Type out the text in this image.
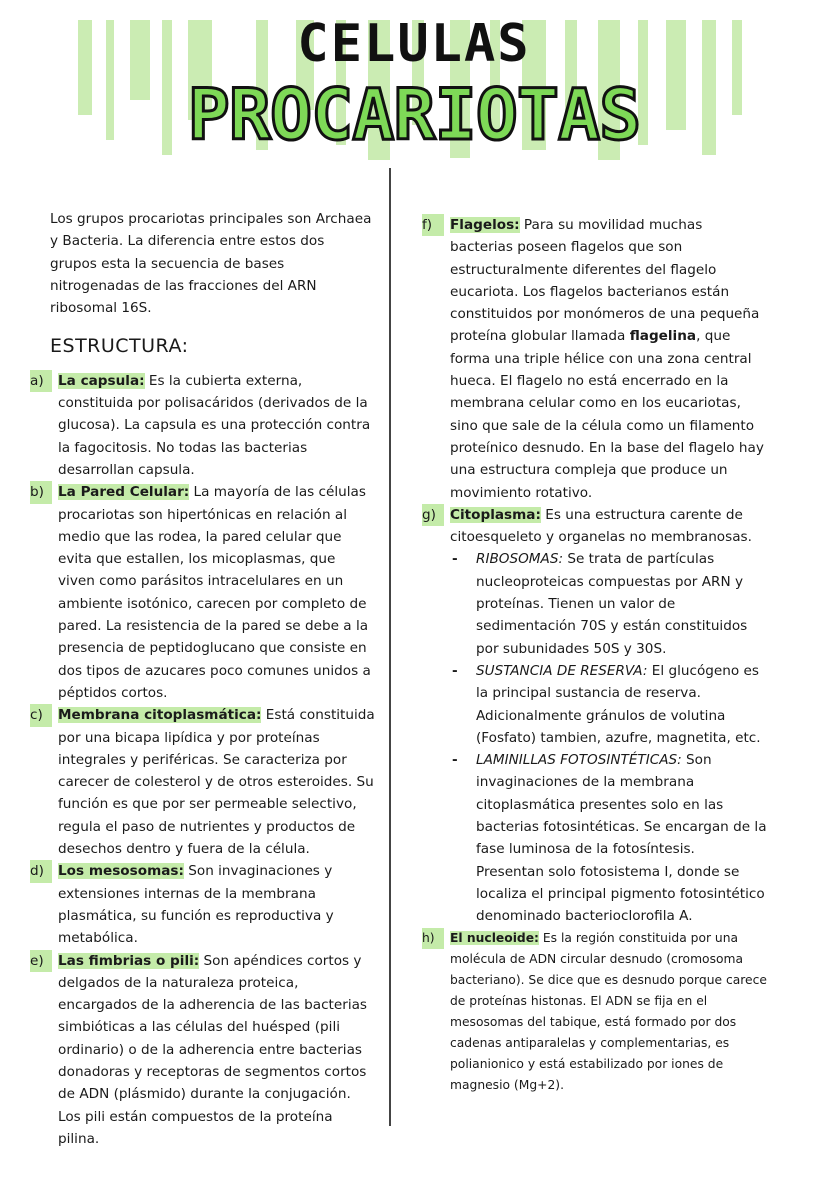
CELULAS
PROCARIOTAS

Los grupos procariotas principales son Archaea y Bacteria. La diferencia entre estos dos grupos esta la secuencia de bases nitrogenadas de las fracciones del ARN ribosomal 16S.

ESTRUCTURA:

a)	La capsula: Es la cubierta externa, constituida por polisacáridos (derivados de la glucosa). La capsula es una protección contra la fagocitosis. No todas las bacterias desarrollan capsula.
b)	La Pared Celular: La mayoría de las células procariotas son hipertónicas en relación al medio que las rodea, la pared celular que evita que estallen, los micoplasmas, que viven como parásitos intracelulares en un ambiente isotónico, carecen por completo de pared. La resistencia de la pared se debe a la presencia de peptidoglucano que consiste en dos tipos de azucares poco comunes unidos a péptidos cortos.
c)	Membrana citoplasmática: Está constituida por una bicapa lipídica y por proteínas integrales y periféricas. Se caracteriza por carecer de colesterol y de otros esteroides. Su función es que por ser permeable selectivo, regula el paso de nutrientes y productos de desechos dentro y fuera de la célula.
d)	Los mesosomas: Son invaginaciones y extensiones internas de la membrana plasmática, su función es reproductiva y metabólica.
e)	Las fimbrias o pili: Son apéndices cortos y delgados de la naturaleza proteica, encargados de la adherencia de las bacterias simbióticas a las células del huésped (pili ordinario) o de la adherencia entre bacterias donadoras y receptoras de segmentos cortos de ADN (plásmido) durante la conjugación. Los pili están compuestos de la proteína pilina.
f)	Flagelos: Para su movilidad muchas bacterias poseen flagelos que son estructuralmente diferentes del flagelo eucariota. Los flagelos bacterianos están constituidos por monómeros de una pequeña proteína globular llamada flagelina, que forma una triple hélice con una zona central hueca. El flagelo no está encerrado en la membrana celular como en los eucariotas, sino que sale de la célula como un filamento proteínico desnudo. En la base del flagelo hay una estructura compleja que produce un movimiento rotativo.
g)	Citoplasma: Es una estructura carente de citoesqueleto y organelas no membranosas.
- RIBOSOMAS: Se trata de partículas nucleoproteicas compuestas por ARN y proteínas. Tienen un valor de sedimentación 70S y están constituidos por subunidades 50S y 30S.
- SUSTANCIA DE RESERVA: El glucógeno es la principal sustancia de reserva. Adicionalmente gránulos de volutina (Fosfato) tambien, azufre, magnetita, etc.
- LAMINILLAS FOTOSINTÉTICAS: Son invaginaciones de la membrana citoplasmática presentes solo en las bacterias fotosintéticas. Se encargan de la fase luminosa de la fotosíntesis. Presentan solo fotosistema I, donde se localiza el principal pigmento fotosintético denominado bacterioclorofila A.
h)	El nucleoide: Es la región constituida por una molécula de ADN circular desnudo (cromosoma bacteriano). Se dice que es desnudo porque carece de proteínas histonas. El ADN se fija en el mesosomas del tabique, está formado por dos cadenas antiparalelas y complementarias, es polianionico y está estabilizado por iones de magnesio (Mg+2).
